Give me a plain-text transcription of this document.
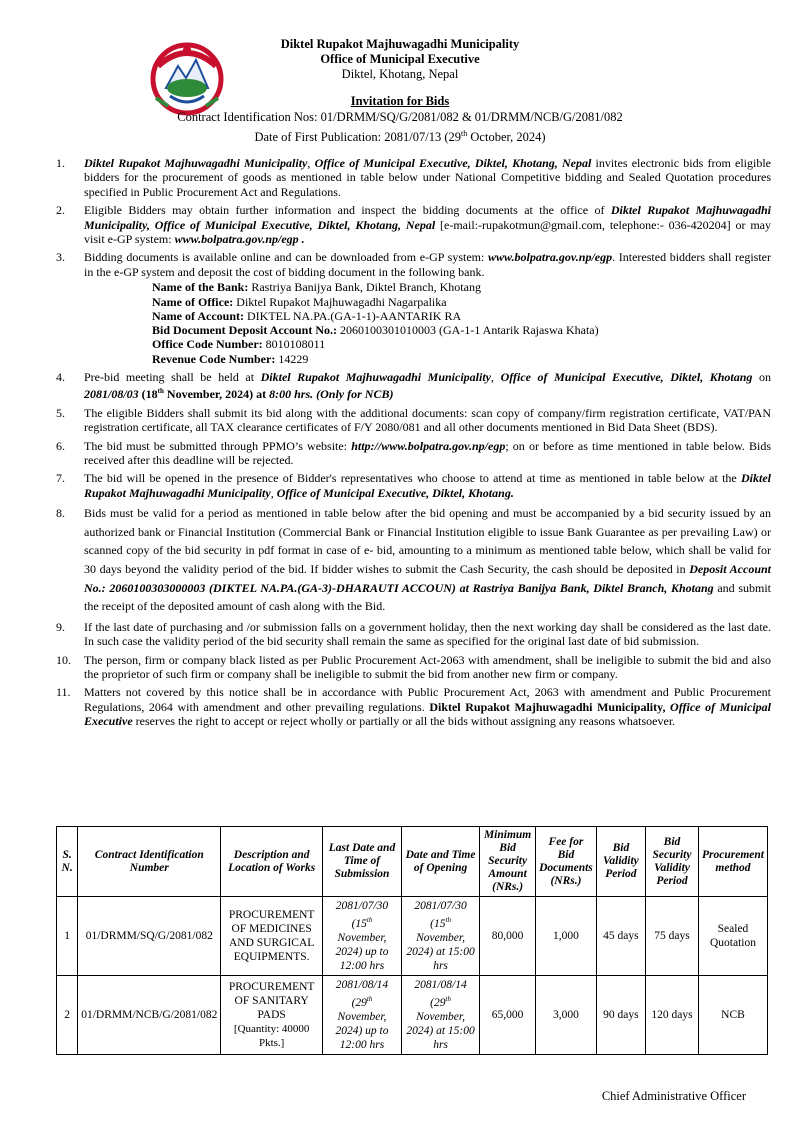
Diktel Rupakot Majhuwagadhi Municipality
Office of Municipal Executive
Diktel, Khotang, Nepal
Invitation for Bids
Contract Identification Nos: 01/DRMM/SQ/G/2081/082 & 01/DRMM/NCB/G/2081/082
Date of First Publication: 2081/07/13 (29th October, 2024)
1. Diktel Rupakot Majhuwagadhi Municipality, Office of Municipal Executive, Diktel, Khotang, Nepal invites electronic bids from eligible bidders for the procurement of goods as mentioned in table below under National Competitive bidding and Sealed Quotation procedures specified in Public Procurement Act and Regulations.
2. Eligible Bidders may obtain further information and inspect the bidding documents at the office of Diktel Rupakot Majhuwagadhi Municipality, Office of Municipal Executive, Diktel, Khotang, Nepal [e-mail:-rupakotmun@gmail.com, telephone:- 036-420204] or may visit e-GP system: www.bolpatra.gov.np/egp .
3. Bidding documents is available online and can be downloaded from e-GP system: www.bolpatra.gov.np/egp. Interested bidders shall register in the e-GP system and deposit the cost of bidding document in the following bank.
Name of the Bank: Rastriya Banijya Bank, Diktel Branch, Khotang
Name of Office: Diktel Rupakot Majhuwagadhi Nagarpalika
Name of Account: DIKTEL NA.PA.(GA-1-1)-AANTARIK RA
Bid Document Deposit Account No.: 2060100301010003 (GA-1-1 Antarik Rajaswa Khata)
Office Code Number: 8010108011
Revenue Code Number: 14229
4. Pre-bid meeting shall be held at Diktel Rupakot Majhuwagadhi Municipality, Office of Municipal Executive, Diktel, Khotang on 2081/08/03 (18th November, 2024) at 8:00 hrs. (Only for NCB)
5. The eligible Bidders shall submit its bid along with the additional documents: scan copy of company/firm registration certificate, VAT/PAN registration certificate, all TAX clearance certificates of F/Y 2080/081 and all other documents mentioned in Bid Data Sheet (BDS).
6. The bid must be submitted through PPMO’s website: http://www.bolpatra.gov.np/egp; on or before as time mentioned in table below. Bids received after this deadline will be rejected.
7. The bid will be opened in the presence of Bidder's representatives who choose to attend at time as mentioned in table below at the Diktel Rupakot Majhuwagadhi Municipality, Office of Municipal Executive, Diktel, Khotang.
8. Bids must be valid for a period as mentioned in table below after the bid opening and must be accompanied by a bid security issued by an authorized bank or Financial Institution (Commercial Bank or Financial Institution eligible to issue Bank Guarantee as per prevailing Law) or scanned copy of the bid security in pdf format in case of e- bid, amounting to a minimum as mentioned table below, which shall be valid for 30 days beyond the validity period of the bid. If bidder wishes to submit the Cash Security, the cash should be deposited in Deposit Account No.: 2060100303000003 (DIKTEL NA.PA.(GA-3)-DHARAUTI ACCOUN) at Rastriya Banijya Bank, Diktel Branch, Khotang and submit the receipt of the deposited amount of cash along with the Bid.
9. If the last date of purchasing and /or submission falls on a government holiday, then the next working day shall be considered as the last date. In such case the validity period of the bid security shall remain the same as specified for the original last date of bid submission.
10. The person, firm or company black listed as per Public Procurement Act-2063 with amendment, shall be ineligible to submit the bid and also the proprietor of such firm or company shall be ineligible to submit the bid from another new firm or company.
11. Matters not covered by this notice shall be in accordance with Public Procurement Act, 2063 with amendment and Public Procurement Regulations, 2064 with amendment and other prevailing regulations. Diktel Rupakot Majhuwagadhi Municipality, Office of Municipal Executive reserves the right to accept or reject wholly or partially or all the bids without assigning any reasons whatsoever.
S. N.	Contract Identification Number	Description and Location of Works	Last Date and Time of Submission	Date and Time of Opening	Minimum Bid Security Amount (NRs.)	Fee for Bid Documents (NRs.)	Bid Validity Period	Bid Security Validity Period	Procurement method
1	01/DRMM/SQ/G/2081/082	PROCUREMENT OF MEDICINES AND SURGICAL EQUIPMENTS.	2081/07/30 (15th November, 2024) up to 12:00 hrs	2081/07/30 (15th November, 2024) at 15:00 hrs	80,000	1,000	45 days	75 days	Sealed Quotation
2	01/DRMM/NCB/G/2081/082	PROCUREMENT OF SANITARY PADS
[Quantity: 40000 Pkts.]	2081/08/14 (29th November, 2024) up to 12:00 hrs	2081/08/14 (29th November, 2024) at 15:00 hrs	65,000	3,000	90 days	120 days	NCB
Chief Administrative Officer
